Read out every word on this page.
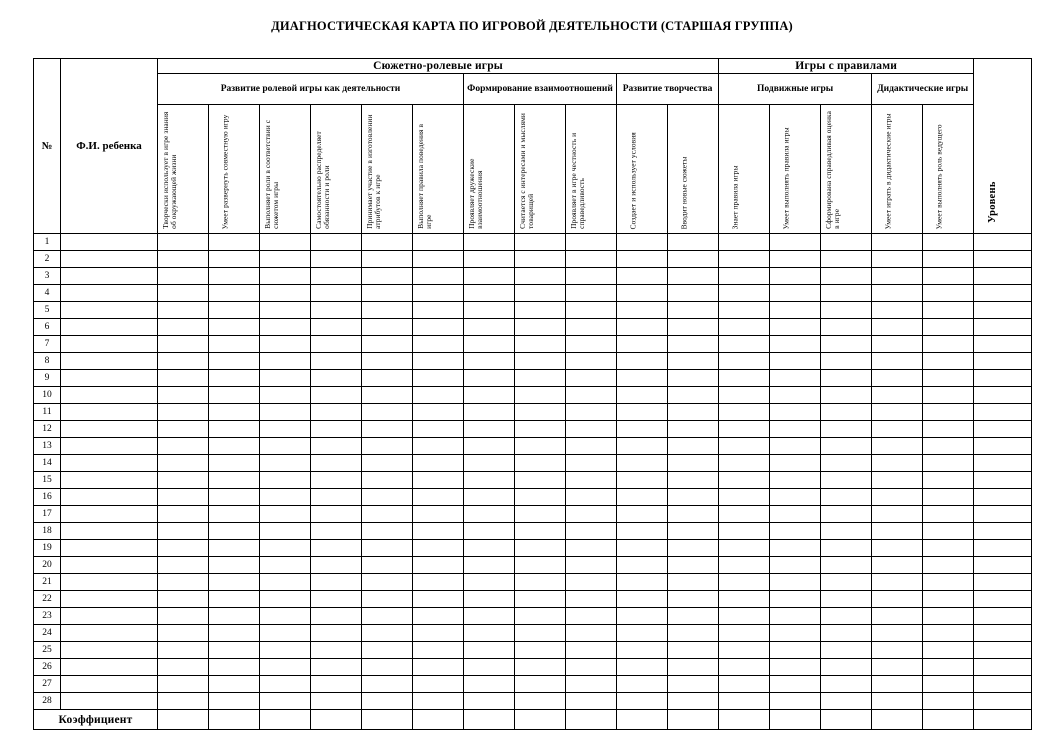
ДИАГНОСТИЧЕСКАЯ КАРТА ПО ИГРОВОЙ ДЕЯТЕЛЬНОСТИ (СТАРШАЯ ГРУППА)
№	Ф.И. ребенка	Сюжетно-ролевые игры											Игры с правилами					Уровень

		Развитие ролевой игры как деятельности						Формирование взаимоотношений			Развитие творчества		Подвижные игры			Дидактические игры		

		Творчески использует в игре знания об окружающей жизни	Умеет развернуть совместную игру	Выполняет роли в соответствии с сюжетом игры	Самостоятельно распределяет обязанности и роли	Принимает участие в изготовлении атрибутов к игре	Выполняет правила поведения в игре	Проявляет дружеские взаимоотношения	Считается с интересами и мыслями товарищей	Проявляет в игре честность и справедливость	Создает и использует условия	Вводит новые сюжеты	Знает правила игры	Умеет выполнять правила игры	Сформирована справедливая оценка в игре	Умеет играть в дидактические игры	Умеет выполнять роль ведущего	

1																		
2																		
3																		
4																		
5																		
6																		
7																		
8																		
9																		
10																		
11																		
12																		
13																		
14																		
15																		
16																		
17																		
18																		
19																		
20																		
21																		
22																		
23																		
24																		
25																		
26																		
27																		
28																		
Коэффициент																		
